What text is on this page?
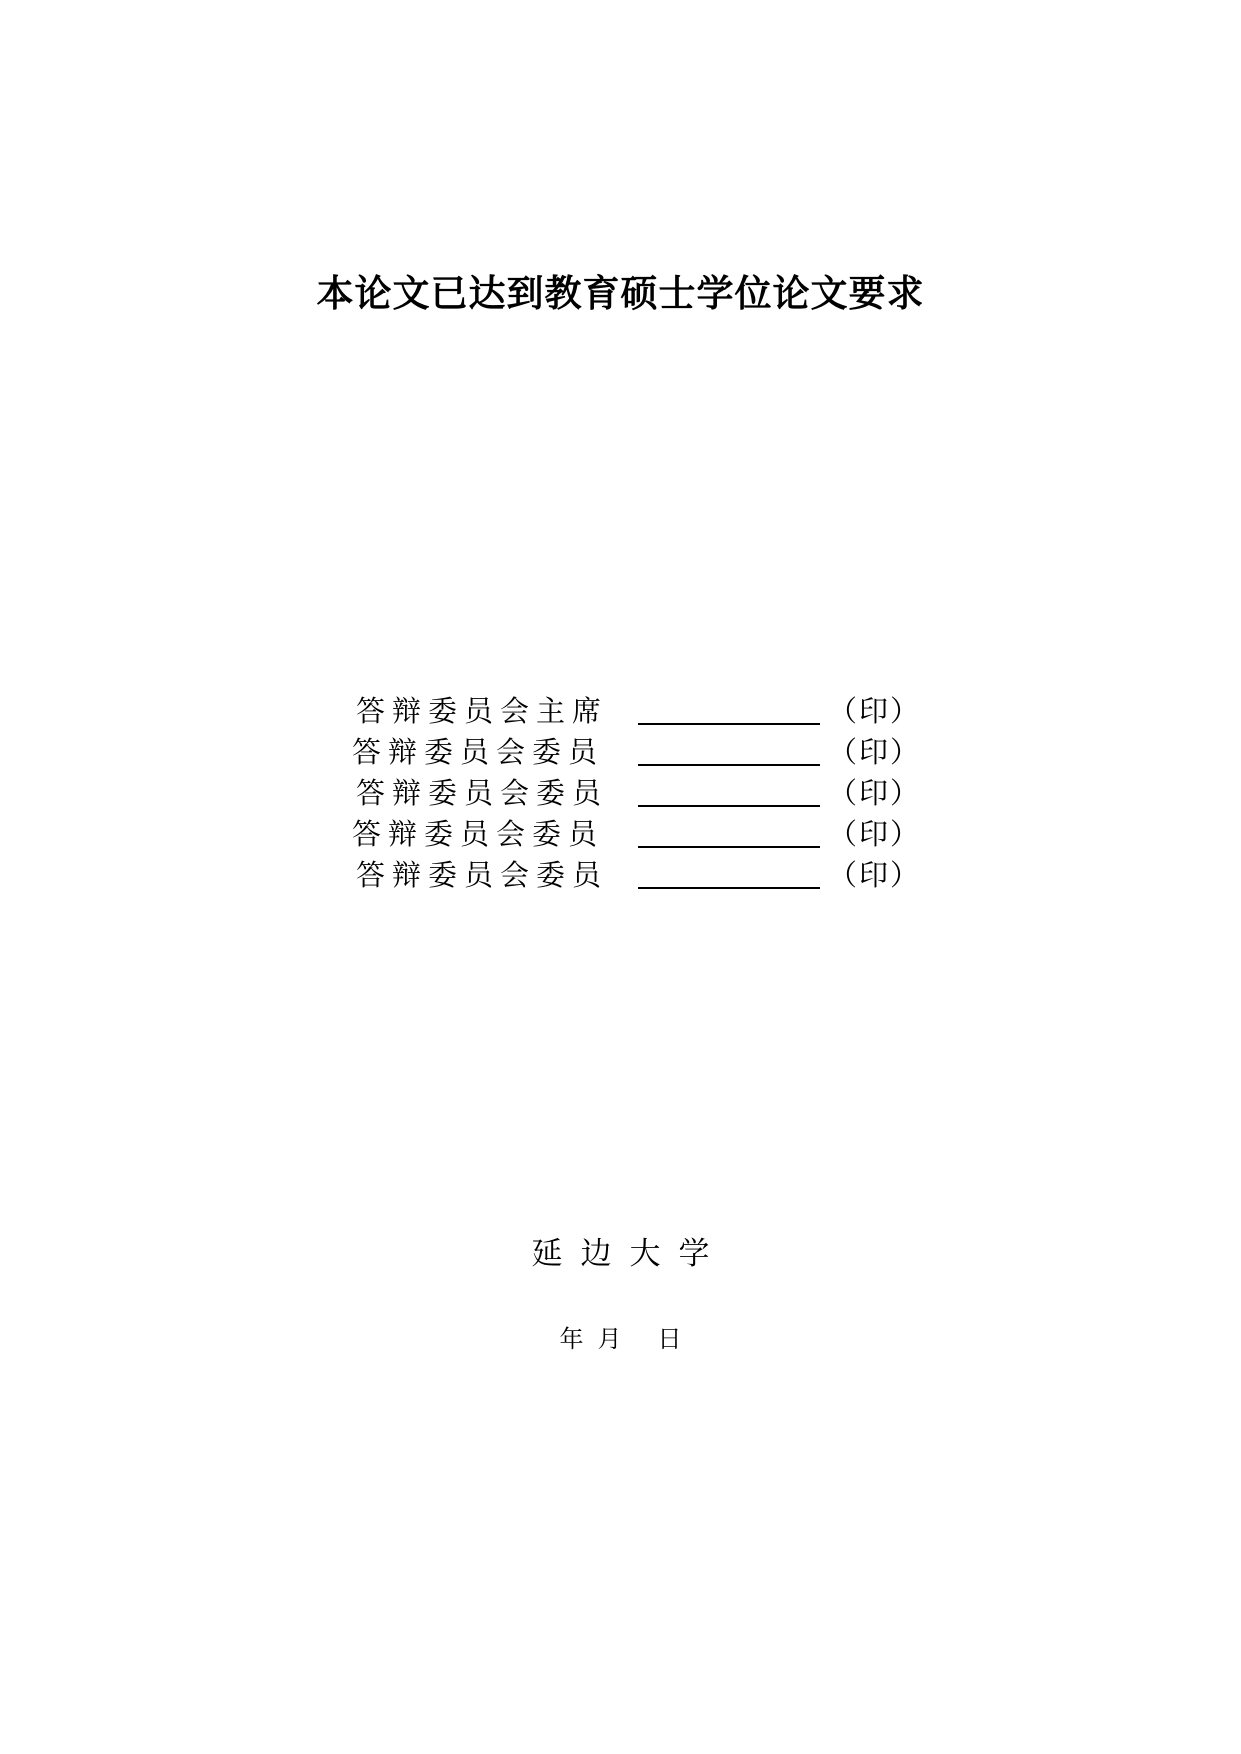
本论文已达到教育硕士学位论文要求
答辩委员会主席	（印）
答辩委员会委员	（印）
答辩委员会委员	（印）
答辩委员会委员	（印）
答辩委员会委员	（印）
延边大学
年 月 日
